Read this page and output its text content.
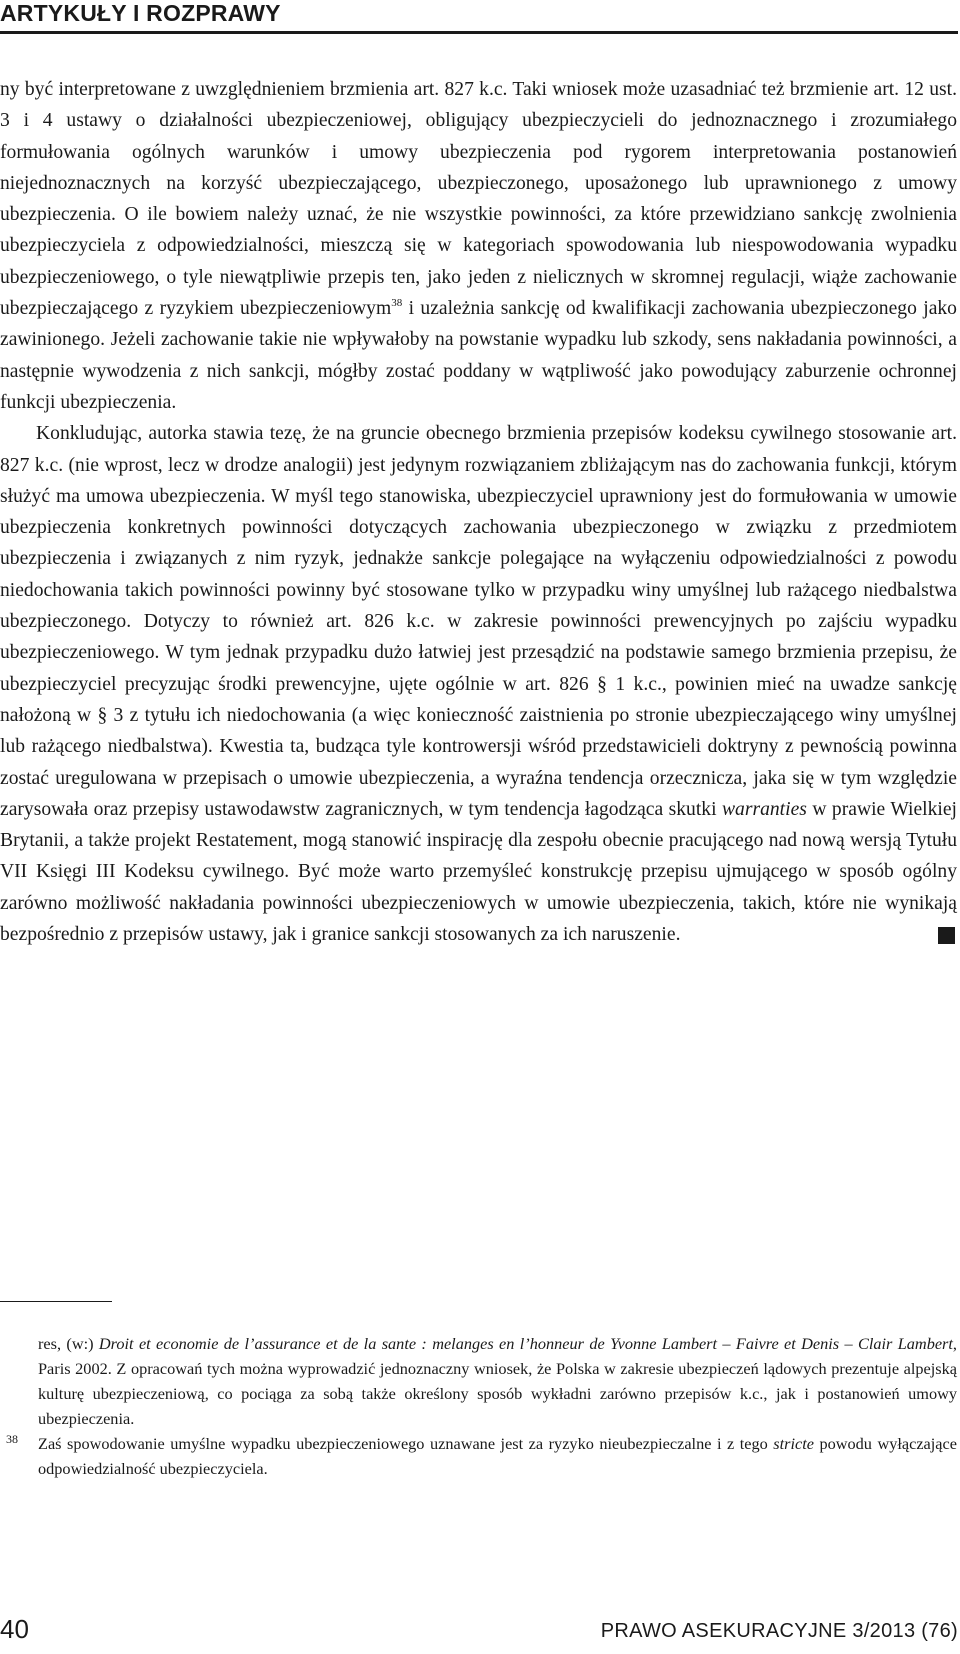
ARTYKUŁY I ROZPRAWY

ny być interpretowane z uwzględnieniem brzmienia art. 827 k.c. Taki wniosek może uzasadniać też brzmienie art. 12 ust. 3 i 4 ustawy o działalności ubezpieczeniowej, obligujący ubezpieczycieli do jednoznacznego i zrozumiałego formułowania ogólnych warunków i umowy ubezpieczenia pod rygorem interpretowania postanowień niejednoznacznych na korzyść ubezpieczającego, ubezpieczonego, uposażonego lub uprawnionego z umowy ubezpieczenia. O ile bowiem należy uznać, że nie wszystkie powinności, za które przewidziano sankcję zwolnienia ubezpieczyciela z odpowiedzialności, mieszczą się w kategoriach spowodowania lub niespowodowania wypadku ubezpieczeniowego, o tyle niewątpliwie przepis ten, jako jeden z nielicznych w skromnej regulacji, wiąże zachowanie ubezpieczającego z ryzykiem ubezpieczeniowym$^{38}$ i uzależnia sankcję od kwalifikacji zachowania ubezpieczonego jako zawinionego. Jeżeli zachowanie takie nie wpływałoby na powstanie wypadku lub szkody, sens nakładania powinności, a następnie wywodzenia z nich sankcji, mógłby zostać poddany w wątpliwość jako powodujący zaburzenie ochronnej funkcji ubezpieczenia.

Konkludując, autorka stawia tezę, że na gruncie obecnego brzmienia przepisów kodeksu cywilnego stosowanie art. 827 k.c. (nie wprost, lecz w drodze analogii) jest jedynym rozwiązaniem zbliżającym nas do zachowania funkcji, którym służyć ma umowa ubezpieczenia. W myśl tego stanowiska, ubezpieczyciel uprawniony jest do formułowania w umowie ubezpieczenia konkretnych powinności dotyczących zachowania ubezpieczonego w związku z przedmiotem ubezpieczenia i związanych z nim ryzyk, jednakże sankcje polegające na wyłączeniu odpowiedzialności z powodu niedochowania takich powinności powinny być stosowane tylko w przypadku winy umyślnej lub rażącego niedbalstwa ubezpieczonego. Dotyczy to również art. 826 k.c. w zakresie powinności prewencyjnych po zajściu wypadku ubezpieczeniowego. W tym jednak przypadku dużo łatwiej jest przesądzić na podstawie samego brzmienia przepisu, że ubezpieczyciel precyzując środki prewencyjne, ujęte ogólnie w art. 826 § 1 k.c., powinien mieć na uwadze sankcję nałożoną w § 3 z tytułu ich niedochowania (a więc konieczność zaistnienia po stronie ubezpieczającego winy umyślnej lub rażącego niedbalstwa). Kwestia ta, budząca tyle kontrowersji wśród przedstawicieli doktryny z pewnością powinna zostać uregulowana w przepisach o umowie ubezpieczenia, a wyraźna tendencja orzecznicza, jaka się w tym względzie zarysowała oraz przepisy ustawodawstw zagranicznych, w tym tendencja łagodząca skutki warranties w prawie Wielkiej Brytanii, a także projekt Restatement, mogą stanowić inspirację dla zespołu obecnie pracującego nad nową wersją Tytułu VII Księgi III Kodeksu cywilnego. Być może warto przemyśleć konstrukcję przepisu ujmującego w sposób ogólny zarówno możliwość nakładania powinności ubezpieczeniowych w umowie ubezpieczenia, takich, które nie wynikają bezpośrednio z przepisów ustawy, jak i granice sankcji stosowanych za ich naruszenie.

res, (w:) Droit et economie de l’assurance et de la sante : melanges en l’honneur de Yvonne Lambert – Faivre et Denis – Clair Lambert, Paris 2002. Z opracowań tych można wyprowadzić jednoznaczny wniosek, że Polska w zakresie ubezpieczeń lądowych prezentuje alpejską kulturę ubezpieczeniową, co pociąga za sobą także określony sposób wykładni zarówno przepisów k.c., jak i postanowień umowy ubezpieczenia.

38 Zaś spowodowanie umyślne wypadku ubezpieczeniowego uznawane jest za ryzyko nieubezpieczalne i z tego stricte powodu wyłączające odpowiedzialność ubezpieczyciela.

40	PRAWO ASEKURACYJNE 3/2013 (76)
